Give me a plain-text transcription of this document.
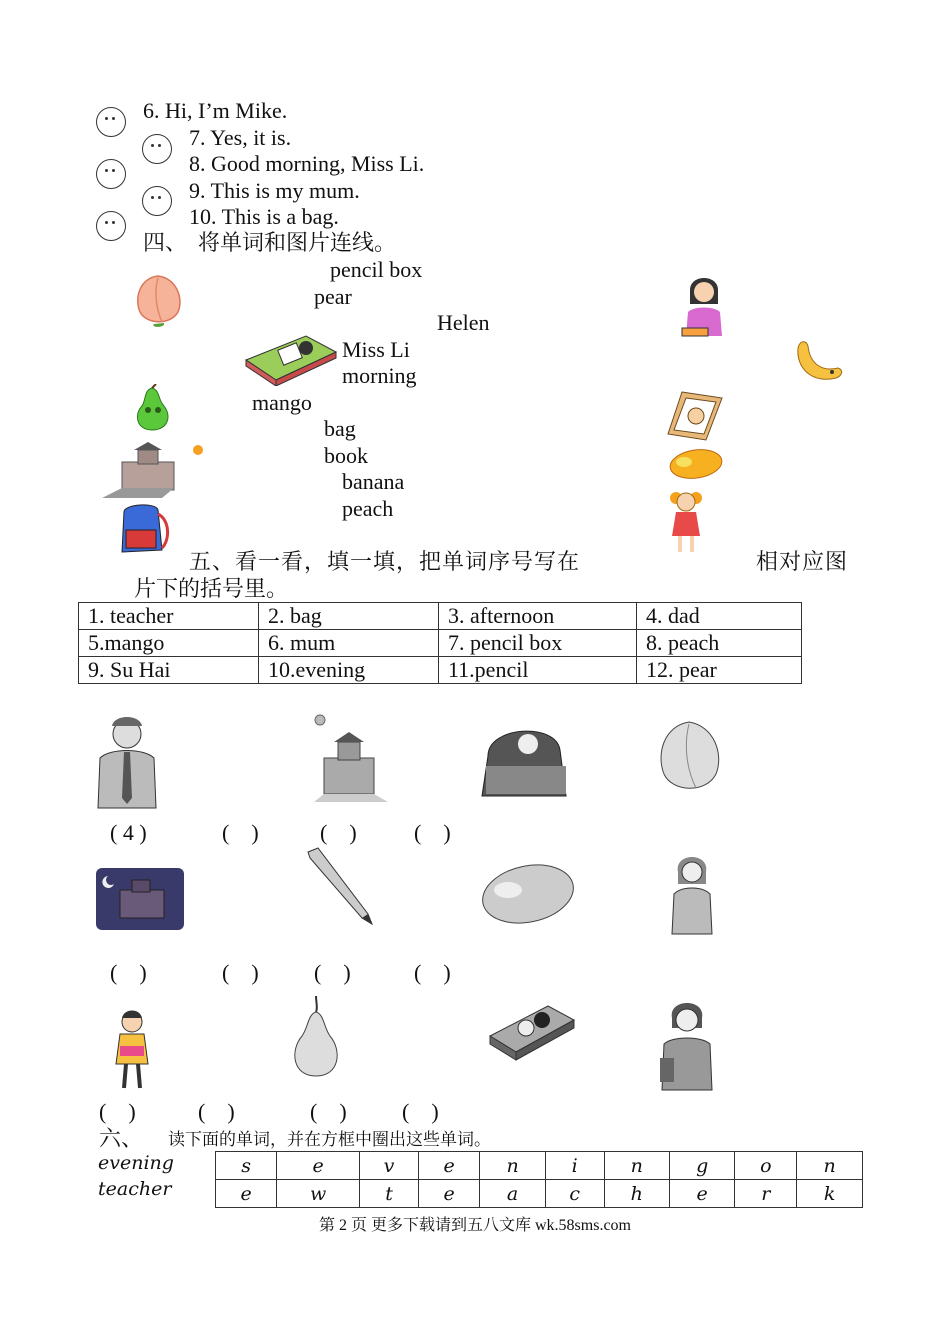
6. Hi, I’m Mike.
7. Yes, it is.
8. Good morning, Miss Li.
9. This is my mum.
10. This is a bag.
四、  将单词和图片连线。
pencil box
pear
Helen
Miss Li
morning
mango
bag
book
banana
peach
五、看一看，填一填，把单词序号写在	相对应图
片下的括号里。
1. teacher	2. bag	3. afternoon	4. dad
5.mango	6. mum	7. pencil box	8. peach
9. Su Hai	10.evening	11.pencil	12. pear
( 4 )	(    )	(    )	(    )
(    )	(    )	(    )	(    )
(    )	(    )	(    )	(    )
六、 读下面的单词，并在方框中圈出这些单词。
evening
teacher
s	e	v	e	n	i	n	g	o	n
e	w	t	e	a	c	h	e	r	k
第 2 页 更多下载请到五八文库 wk.58sms.com
